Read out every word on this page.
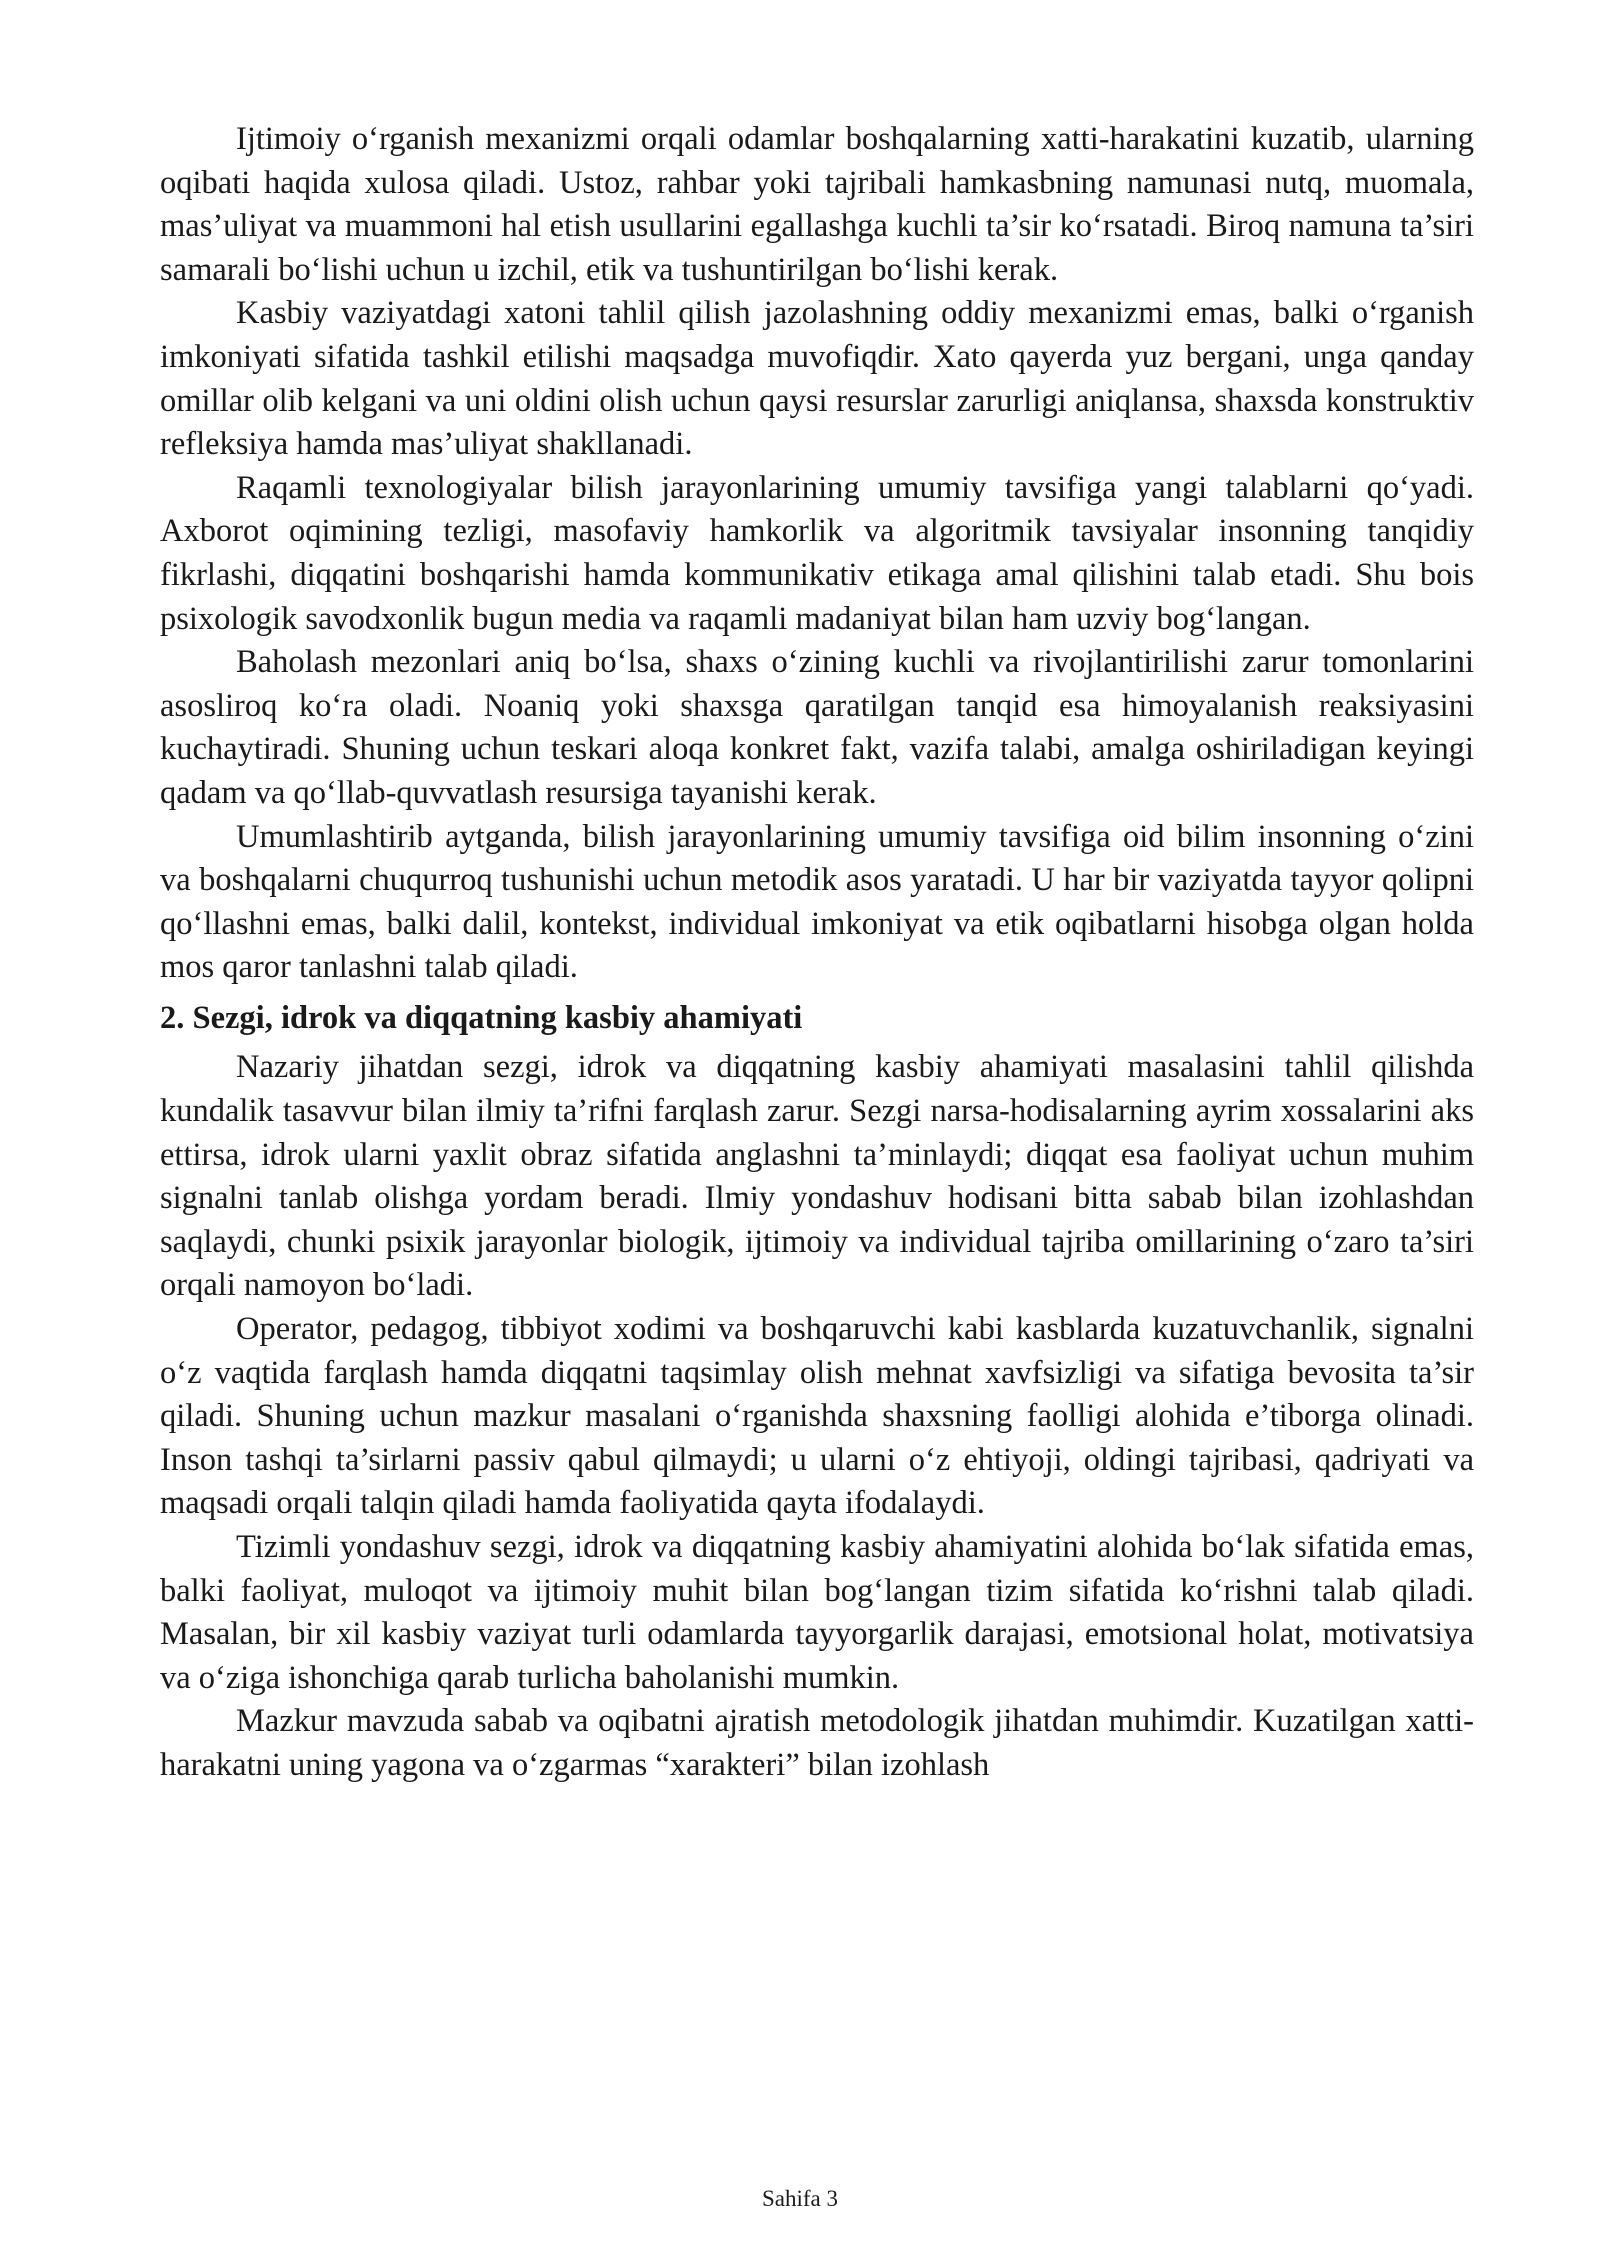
Ijtimoiy o‘rganish mexanizmi orqali odamlar boshqalarning xatti-harakatini kuzatib, ularning oqibati haqida xulosa qiladi. Ustoz, rahbar yoki tajribali hamkasbning namunasi nutq, muomala, mas’uliyat va muammoni hal etish usullarini egallashga kuchli ta’sir ko‘rsatadi. Biroq namuna ta’siri samarali bo‘lishi uchun u izchil, etik va tushuntirilgan bo‘lishi kerak.

Kasbiy vaziyatdagi xatoni tahlil qilish jazolashning oddiy mexanizmi emas, balki o‘rganish imkoniyati sifatida tashkil etilishi maqsadga muvofiqdir. Xato qayerda yuz bergani, unga qanday omillar olib kelgani va uni oldini olish uchun qaysi resurslar zarurligi aniqlansa, shaxsda konstruktiv refleksiya hamda mas’uliyat shakllanadi.

Raqamli texnologiyalar bilish jarayonlarining umumiy tavsifiga yangi talablarni qo‘yadi. Axborot oqimining tezligi, masofaviy hamkorlik va algoritmik tavsiyalar insonning tanqidiy fikrlashi, diqqatini boshqarishi hamda kommunikativ etikaga amal qilishini talab etadi. Shu bois psixologik savodxonlik bugun media va raqamli madaniyat bilan ham uzviy bog‘langan.

Baholash mezonlari aniq bo‘lsa, shaxs o‘zining kuchli va rivojlantirilishi zarur tomonlarini asosliroq ko‘ra oladi. Noaniq yoki shaxsga qaratilgan tanqid esa himoyalanish reaksiyasini kuchaytiradi. Shuning uchun teskari aloqa konkret fakt, vazifa talabi, amalga oshiriladigan keyingi qadam va qo‘llab-quvvatlash resursiga tayanishi kerak.

Umumlashtirib aytganda, bilish jarayonlarining umumiy tavsifiga oid bilim insonning o‘zini va boshqalarni chuqurroq tushunishi uchun metodik asos yaratadi. U har bir vaziyatda tayyor qolipni qo‘llashni emas, balki dalil, kontekst, individual imkoniyat va etik oqibatlarni hisobga olgan holda mos qaror tanlashni talab qiladi.

2. Sezgi, idrok va diqqatning kasbiy ahamiyati

Nazariy jihatdan sezgi, idrok va diqqatning kasbiy ahamiyati masalasini tahlil qilishda kundalik tasavvur bilan ilmiy ta’rifni farqlash zarur. Sezgi narsa-hodisalarning ayrim xossalarini aks ettirsa, idrok ularni yaxlit obraz sifatida anglashni ta’minlaydi; diqqat esa faoliyat uchun muhim signalni tanlab olishga yordam beradi. Ilmiy yondashuv hodisani bitta sabab bilan izohlashdan saqlaydi, chunki psixik jarayonlar biologik, ijtimoiy va individual tajriba omillarining o‘zaro ta’siri orqali namoyon bo‘ladi.

Operator, pedagog, tibbiyot xodimi va boshqaruvchi kabi kasblarda kuzatuvchanlik, signalni o‘z vaqtida farqlash hamda diqqatni taqsimlay olish mehnat xavfsizligi va sifatiga bevosita ta’sir qiladi. Shuning uchun mazkur masalani o‘rganishda shaxsning faolligi alohida e’tiborga olinadi. Inson tashqi ta’sirlarni passiv qabul qilmaydi; u ularni o‘z ehtiyoji, oldingi tajribasi, qadriyati va maqsadi orqali talqin qiladi hamda faoliyatida qayta ifodalaydi.

Tizimli yondashuv sezgi, idrok va diqqatning kasbiy ahamiyatini alohida bo‘lak sifatida emas, balki faoliyat, muloqot va ijtimoiy muhit bilan bog‘langan tizim sifatida ko‘rishni talab qiladi. Masalan, bir xil kasbiy vaziyat turli odamlarda tayyorgarlik darajasi, emotsional holat, motivatsiya va o‘ziga ishonchiga qarab turlicha baholanishi mumkin.

Mazkur mavzuda sabab va oqibatni ajratish metodologik jihatdan muhimdir. Kuzatilgan xatti-harakatni uning yagona va o‘zgarmas “xarakteri” bilan izohlash

Sahifa 3
